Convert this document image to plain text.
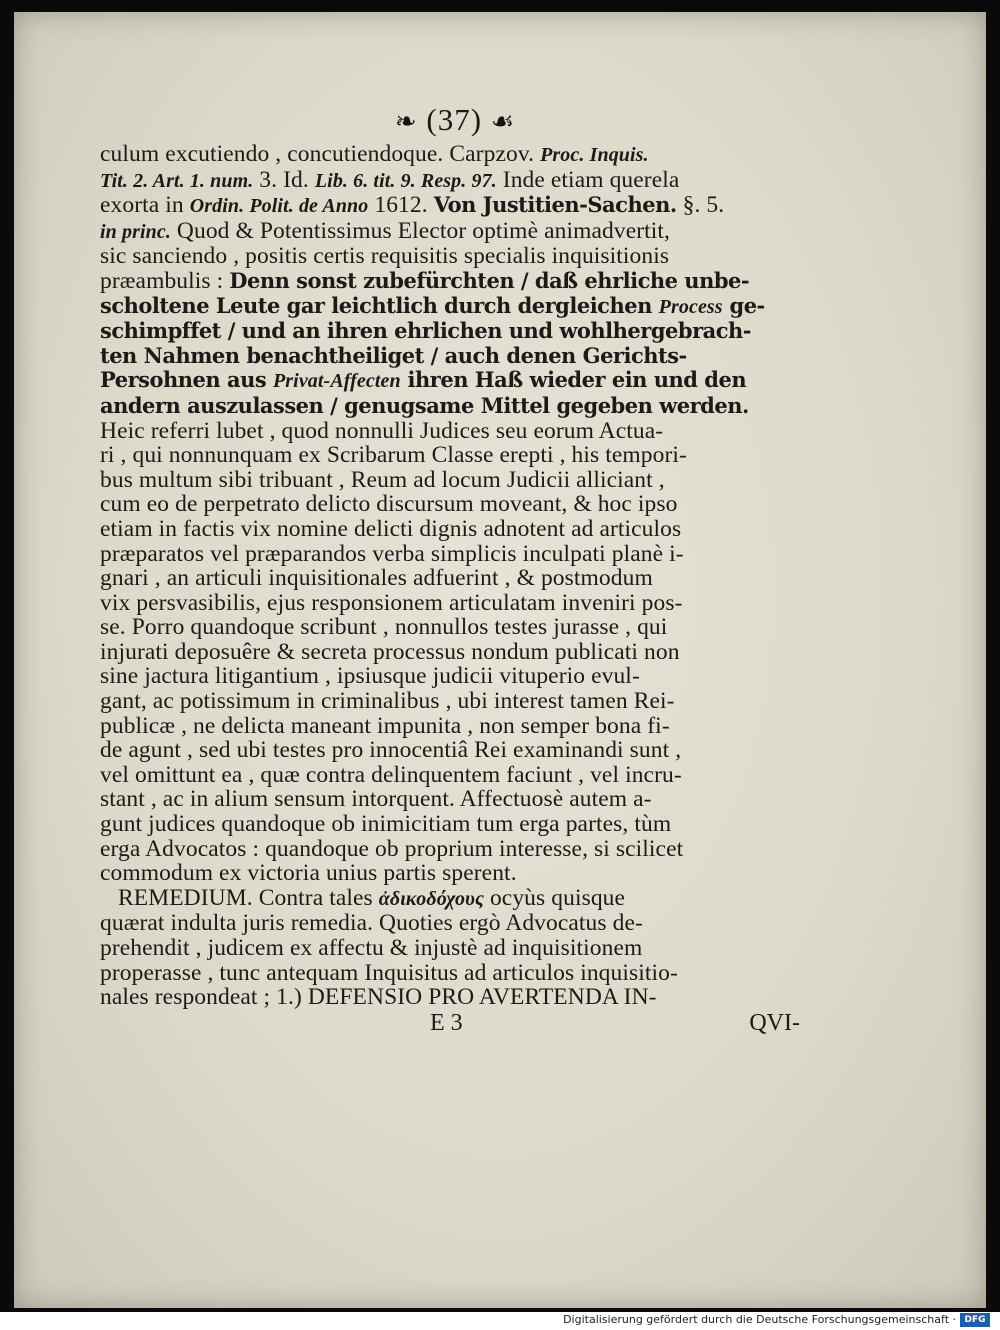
❧ (37) ☙
culum excutiendo , concutiendoque. Carpzov. Proc. Inquis.
Tit. 2. Art. 1. num. 3. Id. Lib. 6. tit. 9. Resp. 97. Inde etiam querela
exorta in Ordin. Polit. de Anno 1612. Von Justitien-Sachen. §. 5.
in princ. Quod & Potentissimus Elector optimè animadvertit,
sic sanciendo , positis certis requisitis specialis inquisitionis
præambulis : Denn sonst zubefürchten / daß ehrliche unbe-
scholtene Leute gar leichtlich durch dergleichen Process ge-
schimpffet / und an ihren ehrlichen und wohlhergebrach-
ten Nahmen benachtheiliget / auch denen Gerichts-
Persohnen aus Privat-Affecten ihren Haß wieder ein und den
andern auszulassen / genugsame Mittel gegeben werden.
Heic referri lubet , quod nonnulli Judices seu eorum Actua-
ri , qui nonnunquam ex Scribarum Classe erepti , his tempori-
bus multum sibi tribuant , Reum ad locum Judicii alliciant ,
cum eo de perpetrato delicto discursum moveant, & hoc ipso
etiam in factis vix nomine delicti dignis adnotent ad articulos
præparatos vel præparandos verba simplicis inculpati planè i-
gnari , an articuli inquisitionales adfuerint , & postmodum
vix persvasibilis, ejus responsionem articulatam inveniri pos-
se. Porro quandoque scribunt , nonnullos testes jurasse , qui
injurati deposuêre & secreta processus nondum publicati non
sine jactura litigantium , ipsiusque judicii vituperio evul-
gant, ac potissimum in criminalibus , ubi interest tamen Rei-
publicæ , ne delicta maneant impunita , non semper bona fi-
de agunt , sed ubi testes pro innocentiâ Rei examinandi sunt ,
vel omittunt ea , quæ contra delinquentem faciunt , vel incru-
stant , ac in alium sensum intorquent. Affectuosè autem a-
gunt judices quandoque ob inimicitiam tum erga partes, tùm
erga Advocatos : quandoque ob proprium interesse, si scilicet
commodum ex victoria unius partis sperent.
REMEDIUM. Contra tales ἀδικοδόχους ocyùs quisque
quærat indulta juris remedia. Quoties ergò Advocatus de-
prehendit , judicem ex affectu & injustè ad inquisitionem
properasse , tunc antequam Inquisitus ad articulos inquisitio-
nales respondeat ; 1.) DEFENSIO PRO AVERTENDA IN-
E 3	QVI-
Digitalisierung gefördert durch die Deutsche Forschungsgemeinschaft · DFG
